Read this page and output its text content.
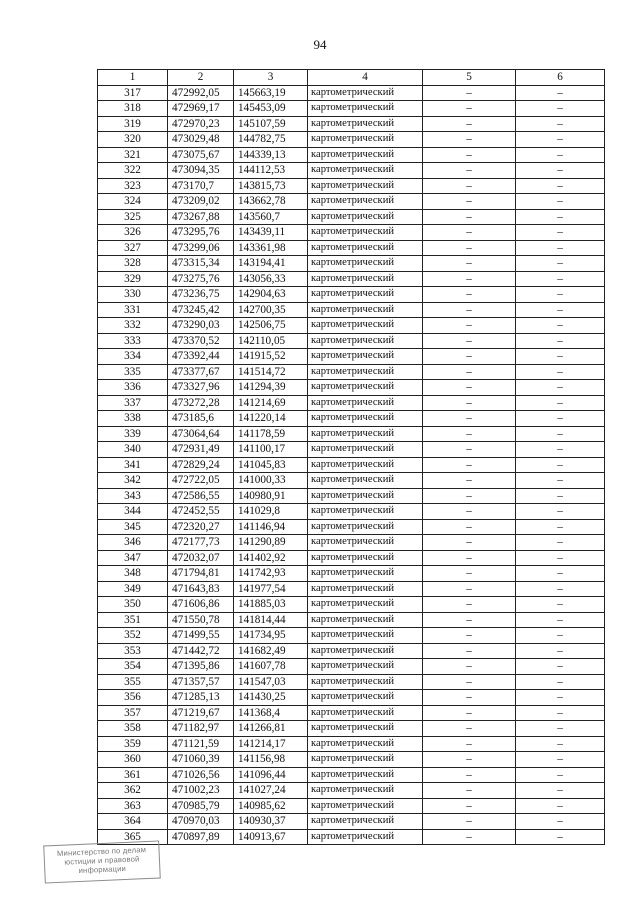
94
1	2	3	4	5	6
317	472992,05	145663,19	картометрический	–	–
318	472969,17	145453,09	картометрический	–	–
319	472970,23	145107,59	картометрический	–	–
320	473029,48	144782,75	картометрический	–	–
321	473075,67	144339,13	картометрический	–	–
322	473094,35	144112,53	картометрический	–	–
323	473170,7	143815,73	картометрический	–	–
324	473209,02	143662,78	картометрический	–	–
325	473267,88	143560,7	картометрический	–	–
326	473295,76	143439,11	картометрический	–	–
327	473299,06	143361,98	картометрический	–	–
328	473315,34	143194,41	картометрический	–	–
329	473275,76	143056,33	картометрический	–	–
330	473236,75	142904,63	картометрический	–	–
331	473245,42	142700,35	картометрический	–	–
332	473290,03	142506,75	картометрический	–	–
333	473370,52	142110,05	картометрический	–	–
334	473392,44	141915,52	картометрический	–	–
335	473377,67	141514,72	картометрический	–	–
336	473327,96	141294,39	картометрический	–	–
337	473272,28	141214,69	картометрический	–	–
338	473185,6	141220,14	картометрический	–	–
339	473064,64	141178,59	картометрический	–	–
340	472931,49	141100,17	картометрический	–	–
341	472829,24	141045,83	картометрический	–	–
342	472722,05	141000,33	картометрический	–	–
343	472586,55	140980,91	картометрический	–	–
344	472452,55	141029,8	картометрический	–	–
345	472320,27	141146,94	картометрический	–	–
346	472177,73	141290,89	картометрический	–	–
347	472032,07	141402,92	картометрический	–	–
348	471794,81	141742,93	картометрический	–	–
349	471643,83	141977,54	картометрический	–	–
350	471606,86	141885,03	картометрический	–	–
351	471550,78	141814,44	картометрический	–	–
352	471499,55	141734,95	картометрический	–	–
353	471442,72	141682,49	картометрический	–	–
354	471395,86	141607,78	картометрический	–	–
355	471357,57	141547,03	картометрический	–	–
356	471285,13	141430,25	картометрический	–	–
357	471219,67	141368,4	картометрический	–	–
358	471182,97	141266,81	картометрический	–	–
359	471121,59	141214,17	картометрический	–	–
360	471060,39	141156,98	картометрический	–	–
361	471026,56	141096,44	картометрический	–	–
362	471002,23	141027,24	картометрический	–	–
363	470985,79	140985,62	картометрический	–	–
364	470970,03	140930,37	картометрический	–	–
365	470897,89	140913,67	картометрический	–	–
Министерство по делам
юстиции и правовой
информации
